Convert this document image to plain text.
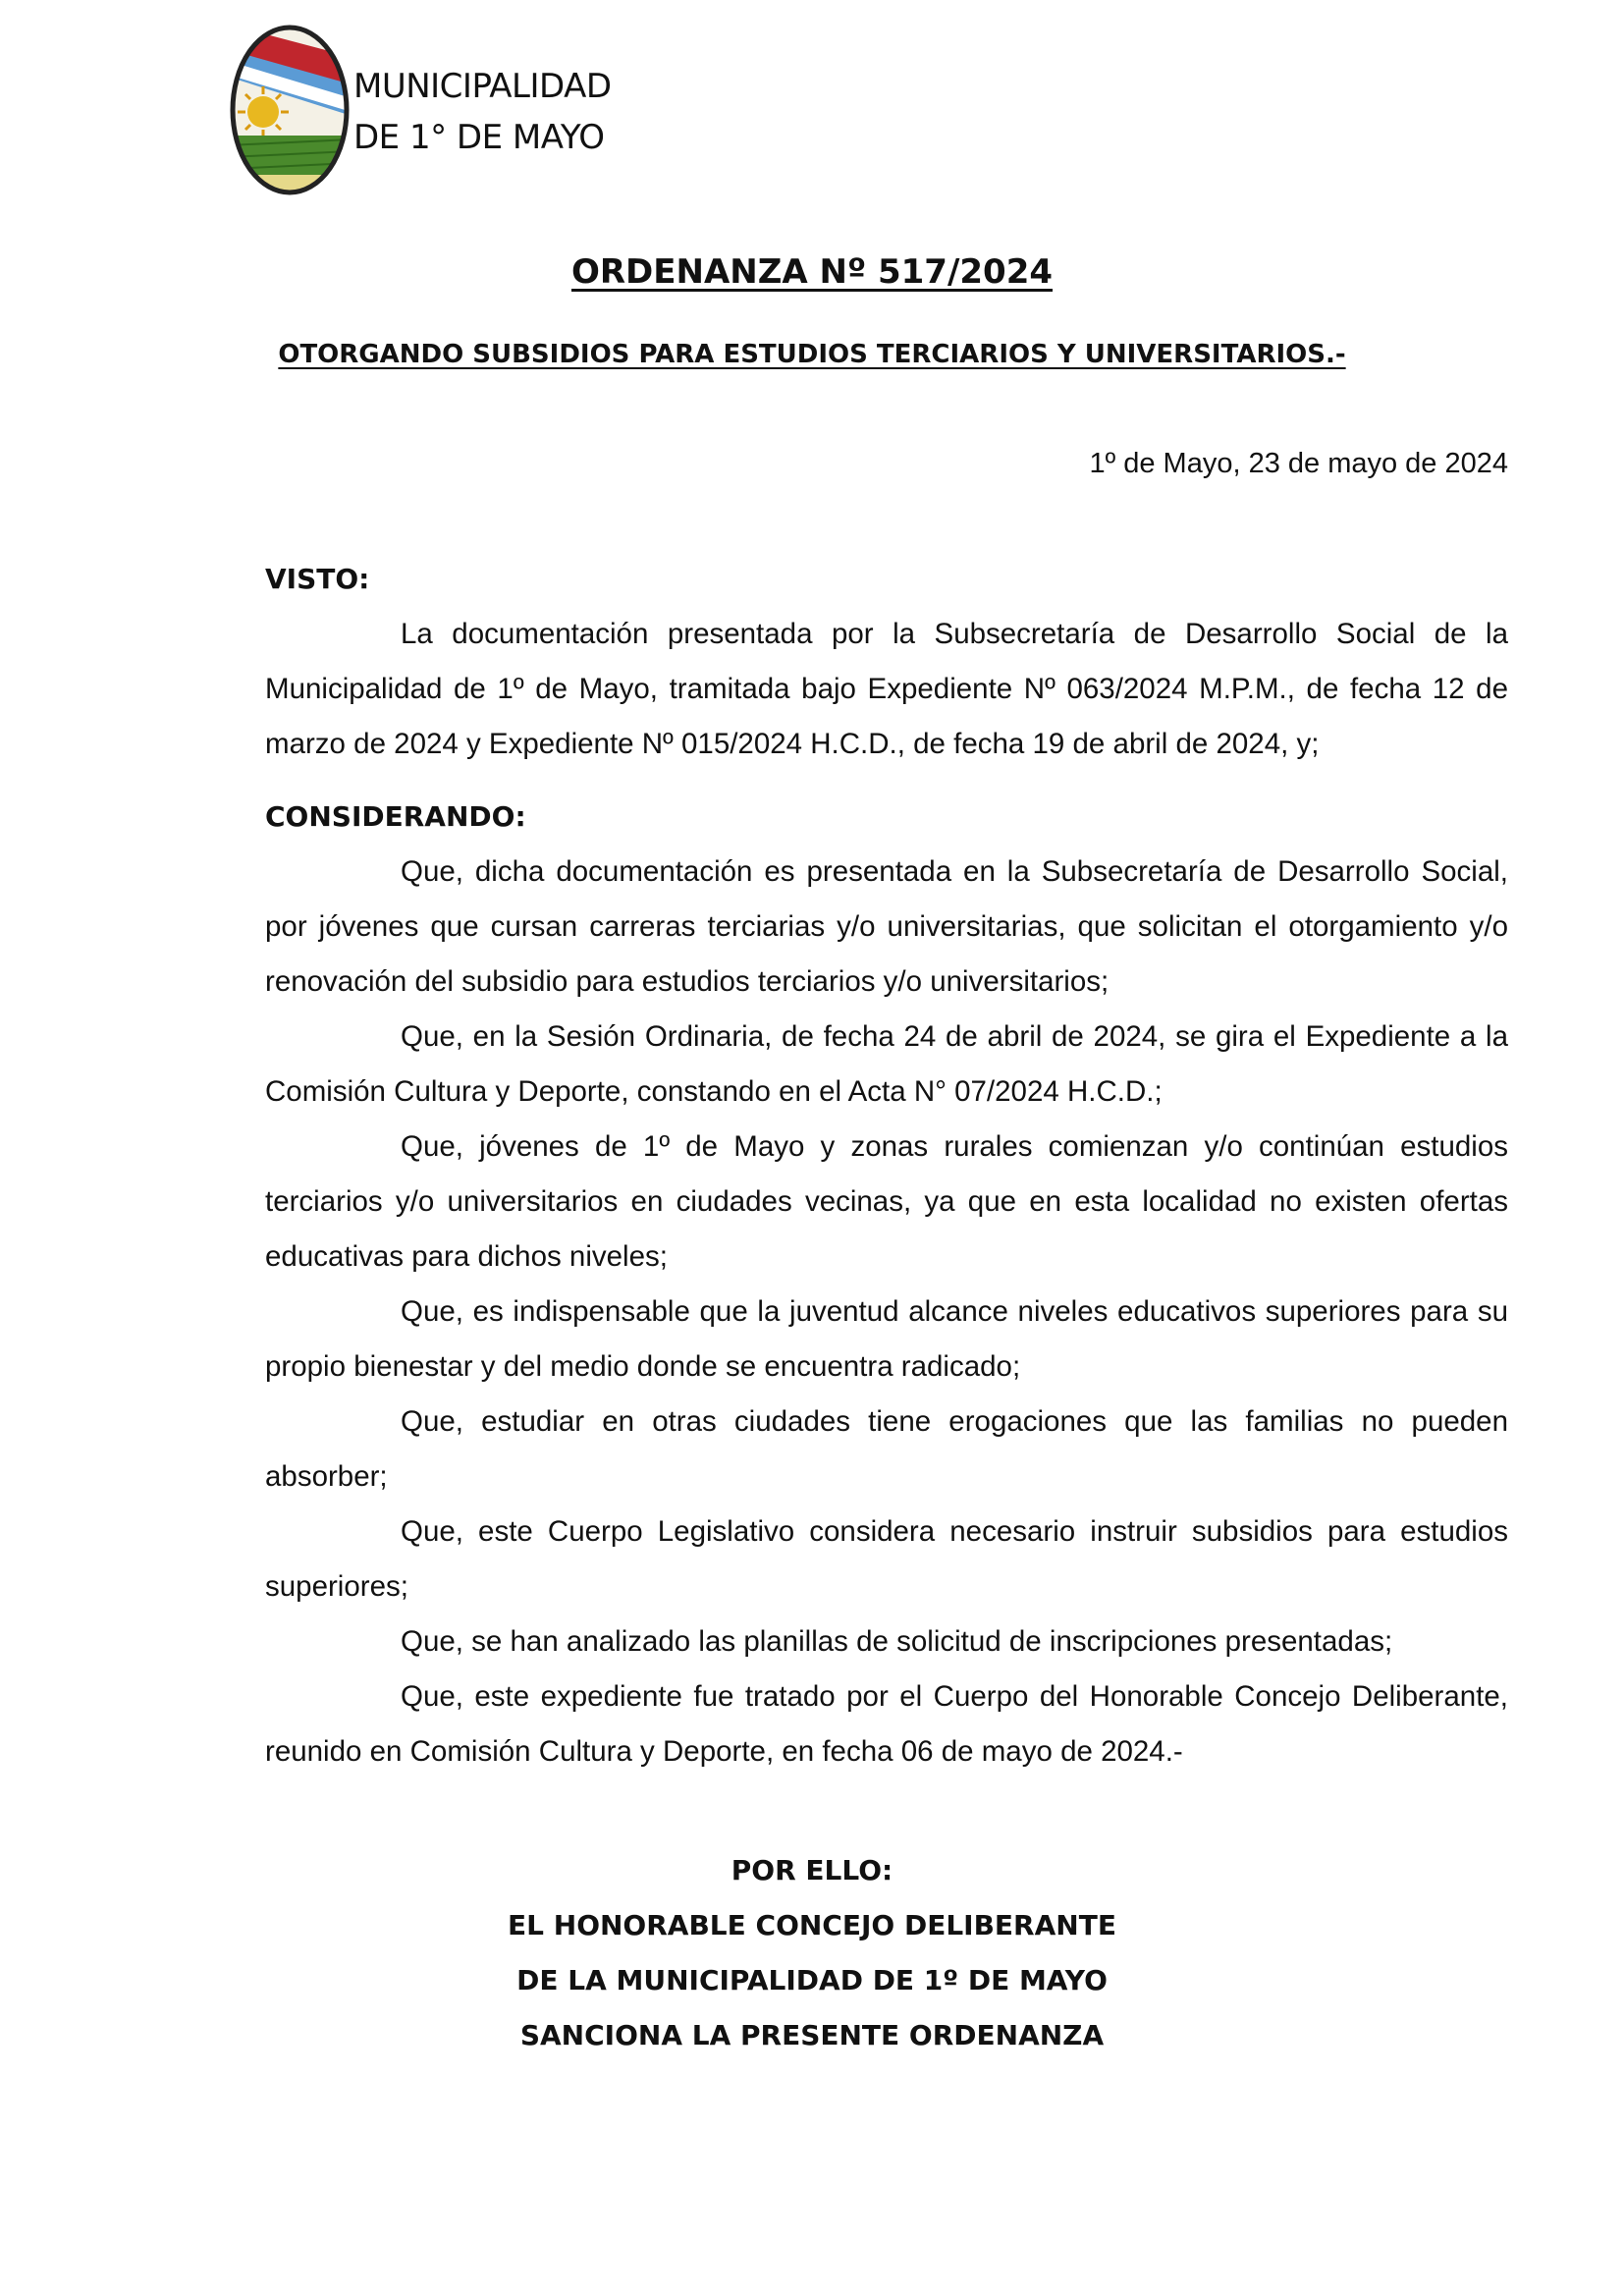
MUNICIPALIDAD
DE 1° DE MAYO
ORDENANZA Nº 517/2024
OTORGANDO SUBSIDIOS PARA ESTUDIOS TERCIARIOS Y UNIVERSITARIOS.-
1º de Mayo, 23 de mayo de 2024
VISTO:

La documentación presentada por la Subsecretaría de Desarrollo Social de la Municipalidad de 1º de Mayo, tramitada bajo Expediente Nº 063/2024 M.P.M., de fecha 12 de marzo de 2024 y Expediente Nº 015/2024 H.C.D., de fecha 19 de abril de 2024, y;

CONSIDERANDO:

Que, dicha documentación es presentada en la Subsecretaría de Desarrollo Social, por jóvenes que cursan carreras terciarias y/o universitarias, que solicitan el otorgamiento y/o renovación del subsidio para estudios terciarios y/o universitarios;

Que, en la Sesión Ordinaria, de fecha 24 de abril de 2024, se gira el Expediente a la Comisión Cultura y Deporte, constando en el Acta N° 07/2024 H.C.D.;

Que, jóvenes de 1º de Mayo y zonas rurales comienzan y/o continúan estudios terciarios y/o universitarios en ciudades vecinas, ya que en esta localidad no existen ofertas educativas para dichos niveles;

Que, es indispensable que la juventud alcance niveles educativos superiores para su propio bienestar y del medio donde se encuentra radicado;

Que, estudiar en otras ciudades tiene erogaciones que las familias no pueden absorber;

Que, este Cuerpo Legislativo considera necesario instruir subsidios para estudios superiores;

Que, se han analizado las planillas de solicitud de inscripciones presentadas;

Que, este expediente fue tratado por el Cuerpo del Honorable Concejo Deliberante, reunido en Comisión Cultura y Deporte, en fecha 06 de mayo de 2024.-

POR ELLO:
EL HONORABLE CONCEJO DELIBERANTE
DE LA MUNICIPALIDAD DE 1º DE MAYO
SANCIONA LA PRESENTE ORDENANZA
